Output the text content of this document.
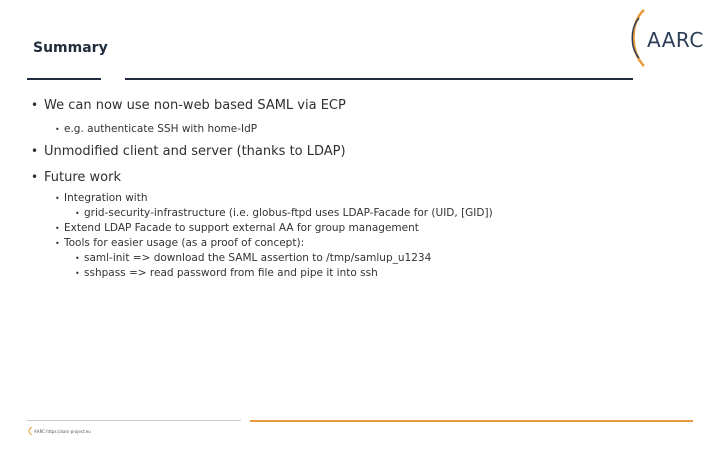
Summary	AARC
• We can now use non-web based SAML via ECP
• e.g. authenticate SSH with home-IdP
• Unmodified client and server (thanks to LDAP)
• Future work
• Integration with
• grid-security-infrastructure (i.e. globus-ftpd uses LDAP-Facade for (UID, [GID])
• Extend LDAP Facade to support external AA for group management
• Tools for easier usage (as a proof of concept):
• saml-init => download the SAML assertion to /tmp/samlup_u1234
• sshpass => read password from file and pipe it into ssh
AARC https://aarc-project.eu
